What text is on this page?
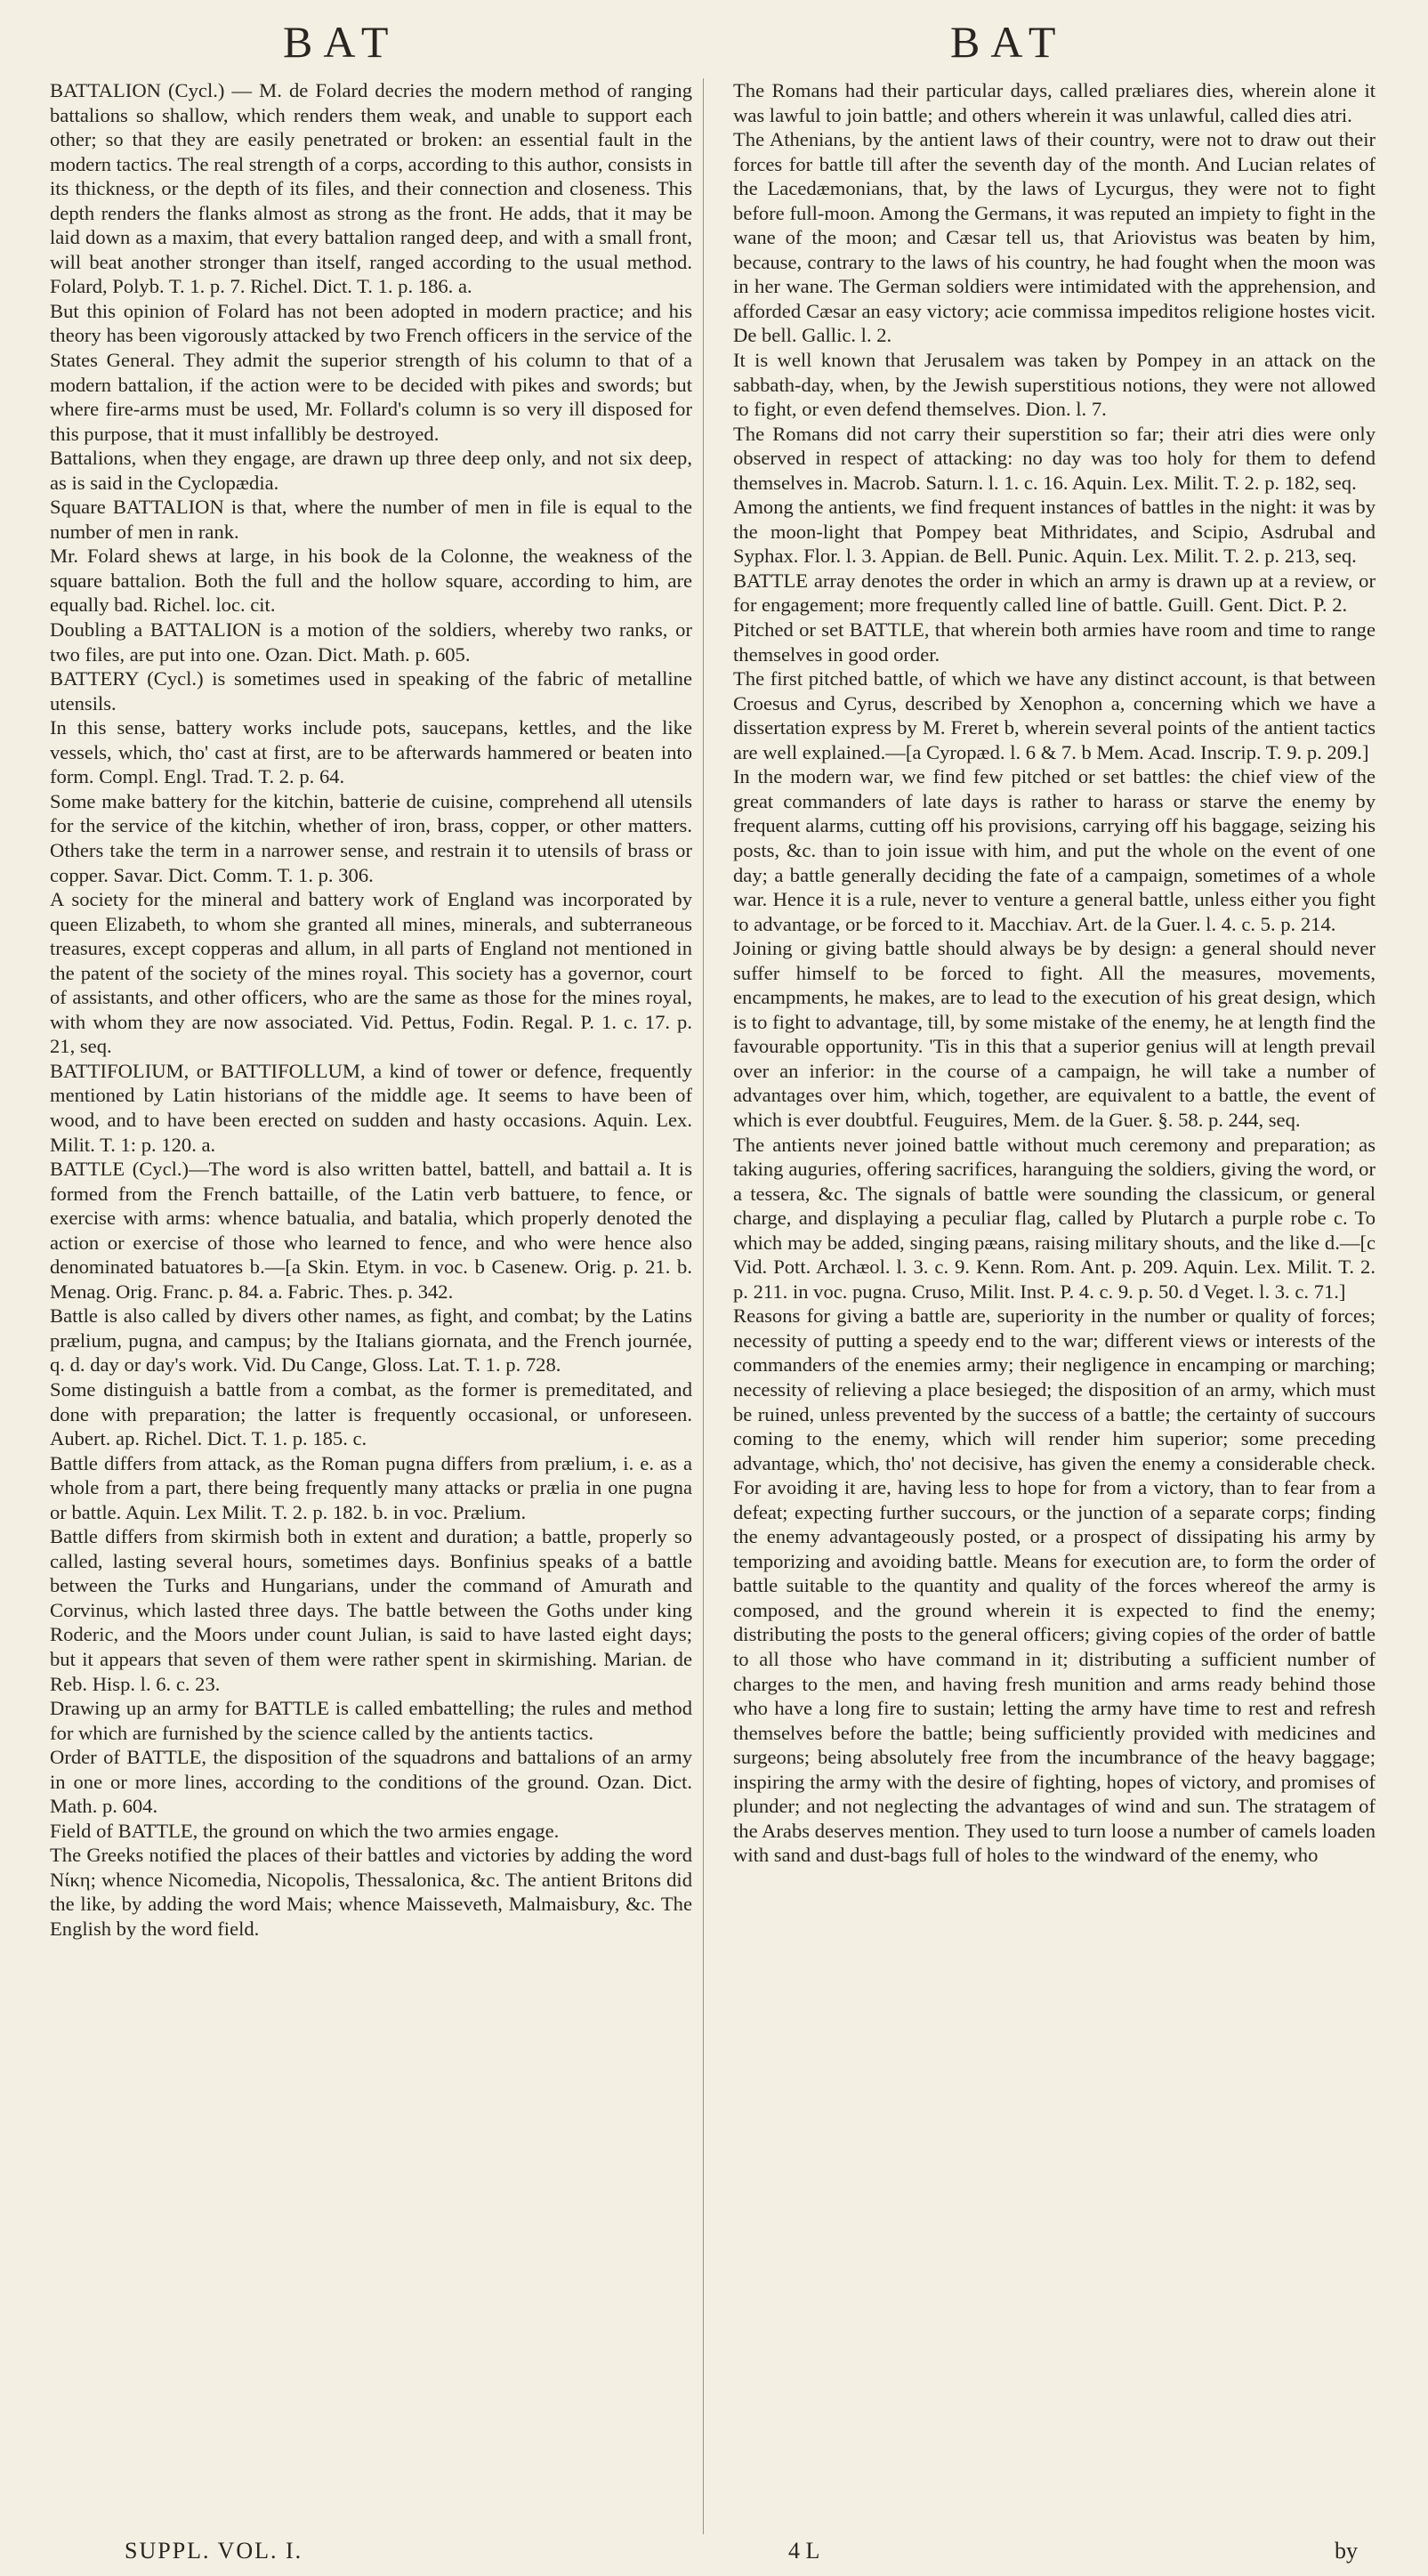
BAT	BAT

BATTALION (Cycl.) — M. de Folard decries the modern method of ranging battalions so shallow, which renders them weak, and unable to support each other; so that they are easily penetrated or broken: an essential fault in the modern tactics. The real strength of a corps, according to this author, consists in its thickness, or the depth of its files, and their connection and closeness. This depth renders the flanks almost as strong as the front. He adds, that it may be laid down as a maxim, that every battalion ranged deep, and with a small front, will beat another stronger than itself, ranged according to the usual method. Folard, Polyb. T. 1. p. 7. Richel. Dict. T. 1. p. 186. a.

But this opinion of Folard has not been adopted in modern practice; and his theory has been vigorously attacked by two French officers in the service of the States General. They admit the superior strength of his column to that of a modern battalion, if the action were to be decided with pikes and swords; but where fire-arms must be used, Mr. Follard's column is so very ill disposed for this purpose, that it must infallibly be destroyed.

Battalions, when they engage, are drawn up three deep only, and not six deep, as is said in the Cyclopædia.

Square BATTALION is that, where the number of men in file is equal to the number of men in rank.

Mr. Folard shews at large, in his book de la Colonne, the weakness of the square battalion. Both the full and the hollow square, according to him, are equally bad. Richel. loc. cit.

Doubling a BATTALION is a motion of the soldiers, whereby two ranks, or two files, are put into one. Ozan. Dict. Math. p. 605.

BATTERY (Cycl.) is sometimes used in speaking of the fabric of metalline utensils.

In this sense, battery works include pots, saucepans, kettles, and the like vessels, which, tho' cast at first, are to be afterwards hammered or beaten into form. Compl. Engl. Trad. T. 2. p. 64.

Some make battery for the kitchin, batterie de cuisine, comprehend all utensils for the service of the kitchin, whether of iron, brass, copper, or other matters. Others take the term in a narrower sense, and restrain it to utensils of brass or copper. Savar. Dict. Comm. T. 1. p. 306.

A society for the mineral and battery work of England was incorporated by queen Elizabeth, to whom she granted all mines, minerals, and subterraneous treasures, except copperas and allum, in all parts of England not mentioned in the patent of the society of the mines royal. This society has a governor, court of assistants, and other officers, who are the same as those for the mines royal, with whom they are now associated. Vid. Pettus, Fodin. Regal. P. 1. c. 17. p. 21, seq.

BATTIFOLIUM, or BATTIFOLLUM, a kind of tower or defence, frequently mentioned by Latin historians of the middle age. It seems to have been of wood, and to have been erected on sudden and hasty occasions. Aquin. Lex. Milit. T. 1: p. 120. a.

BATTLE (Cycl.)—The word is also written battel, battell, and battail a. It is formed from the French battaille, of the Latin verb battuere, to fence, or exercise with arms: whence batualia, and batalia, which properly denoted the action or exercise of those who learned to fence, and who were hence also denominated batuatores b.—[a Skin. Etym. in voc. b Casenew. Orig. p. 21. b. Menag. Orig. Franc. p. 84. a. Fabric. Thes. p. 342.

Battle is also called by divers other names, as fight, and combat; by the Latins prælium, pugna, and campus; by the Italians giornata, and the French journée, q. d. day or day's work. Vid. Du Cange, Gloss. Lat. T. 1. p. 728.

Some distinguish a battle from a combat, as the former is premeditated, and done with preparation; the latter is frequently occasional, or unforeseen. Aubert. ap. Richel. Dict. T. 1. p. 185. c.

Battle differs from attack, as the Roman pugna differs from prælium, i. e. as a whole from a part, there being frequently many attacks or prælia in one pugna or battle. Aquin. Lex Milit. T. 2. p. 182. b. in voc. Prælium.

Battle differs from skirmish both in extent and duration; a battle, properly so called, lasting several hours, sometimes days. Bonfinius speaks of a battle between the Turks and Hungarians, under the command of Amurath and Corvinus, which lasted three days. The battle between the Goths under king Roderic, and the Moors under count Julian, is said to have lasted eight days; but it appears that seven of them were rather spent in skirmishing. Marian. de Reb. Hisp. l. 6. c. 23.

Drawing up an army for BATTLE is called embattelling; the rules and method for which are furnished by the science called by the antients tactics.

Order of BATTLE, the disposition of the squadrons and battalions of an army in one or more lines, according to the conditions of the ground. Ozan. Dict. Math. p. 604.

Field of BATTLE, the ground on which the two armies engage.

The Greeks notified the places of their battles and victories by adding the word Νίκη; whence Nicomedia, Nicopolis, Thessalonica, &c. The antient Britons did the like, by adding the word Mais; whence Maisseveth, Malmaisbury, &c. The English by the word field.

The Romans had their particular days, called præliares dies, wherein alone it was lawful to join battle; and others wherein it was unlawful, called dies atri.

The Athenians, by the antient laws of their country, were not to draw out their forces for battle till after the seventh day of the month. And Lucian relates of the Lacedæmonians, that, by the laws of Lycurgus, they were not to fight before full-moon. Among the Germans, it was reputed an impiety to fight in the wane of the moon; and Cæsar tell us, that Ariovistus was beaten by him, because, contrary to the laws of his country, he had fought when the moon was in her wane. The German soldiers were intimidated with the apprehension, and afforded Cæsar an easy victory; acie commissa impeditos religione hostes vicit. De bell. Gallic. l. 2.

It is well known that Jerusalem was taken by Pompey in an attack on the sabbath-day, when, by the Jewish superstitious notions, they were not allowed to fight, or even defend themselves. Dion. l. 7.

The Romans did not carry their superstition so far; their atri dies were only observed in respect of attacking: no day was too holy for them to defend themselves in. Macrob. Saturn. l. 1. c. 16. Aquin. Lex. Milit. T. 2. p. 182, seq.

Among the antients, we find frequent instances of battles in the night: it was by the moon-light that Pompey beat Mithridates, and Scipio, Asdrubal and Syphax. Flor. l. 3. Appian. de Bell. Punic. Aquin. Lex. Milit. T. 2. p. 213, seq.

BATTLE array denotes the order in which an army is drawn up at a review, or for engagement; more frequently called line of battle. Guill. Gent. Dict. P. 2.

Pitched or set BATTLE, that wherein both armies have room and time to range themselves in good order.

The first pitched battle, of which we have any distinct account, is that between Croesus and Cyrus, described by Xenophon a, concerning which we have a dissertation express by M. Freret b, wherein several points of the antient tactics are well explained.—[a Cyropæd. l. 6 & 7. b Mem. Acad. Inscrip. T. 9. p. 209.]

In the modern war, we find few pitched or set battles: the chief view of the great commanders of late days is rather to harass or starve the enemy by frequent alarms, cutting off his provisions, carrying off his baggage, seizing his posts, &c. than to join issue with him, and put the whole on the event of one day; a battle generally deciding the fate of a campaign, sometimes of a whole war. Hence it is a rule, never to venture a general battle, unless either you fight to advantage, or be forced to it. Macchiav. Art. de la Guer. l. 4. c. 5. p. 214.

Joining or giving battle should always be by design: a general should never suffer himself to be forced to fight. All the measures, movements, encampments, he makes, are to lead to the execution of his great design, which is to fight to advantage, till, by some mistake of the enemy, he at length find the favourable opportunity. 'Tis in this that a superior genius will at length prevail over an inferior: in the course of a campaign, he will take a number of advantages over him, which, together, are equivalent to a battle, the event of which is ever doubtful. Feuguires, Mem. de la Guer. §. 58. p. 244, seq.

The antients never joined battle without much ceremony and preparation; as taking auguries, offering sacrifices, haranguing the soldiers, giving the word, or a tessera, &c. The signals of battle were sounding the classicum, or general charge, and displaying a peculiar flag, called by Plutarch a purple robe c. To which may be added, singing pæans, raising military shouts, and the like d.—[c Vid. Pott. Archæol. l. 3. c. 9. Kenn. Rom. Ant. p. 209. Aquin. Lex. Milit. T. 2. p. 211. in voc. pugna. Cruso, Milit. Inst. P. 4. c. 9. p. 50. d Veget. l. 3. c. 71.]

Reasons for giving a battle are, superiority in the number or quality of forces; necessity of putting a speedy end to the war; different views or interests of the commanders of the enemies army; their negligence in encamping or marching; necessity of relieving a place besieged; the disposition of an army, which must be ruined, unless prevented by the success of a battle; the certainty of succours coming to the enemy, which will render him superior; some preceding advantage, which, tho' not decisive, has given the enemy a considerable check. For avoiding it are, having less to hope for from a victory, than to fear from a defeat; expecting further succours, or the junction of a separate corps; finding the enemy advantageously posted, or a prospect of dissipating his army by temporizing and avoiding battle. Means for execution are, to form the order of battle suitable to the quantity and quality of the forces whereof the army is composed, and the ground wherein it is expected to find the enemy; distributing the posts to the general officers; giving copies of the order of battle to all those who have command in it; distributing a sufficient number of charges to the men, and having fresh munition and arms ready behind those who have a long fire to sustain; letting the army have time to rest and refresh themselves before the battle; being sufficiently provided with medicines and surgeons; being absolutely free from the incumbrance of the heavy baggage; inspiring the army with the desire of fighting, hopes of victory, and promises of plunder; and not neglecting the advantages of wind and sun. The stratagem of the Arabs deserves mention. They used to turn loose a number of camels loaden with sand and dust-bags full of holes to the windward of the enemy, who

SUPPL. VOL. I.	4 L	by
